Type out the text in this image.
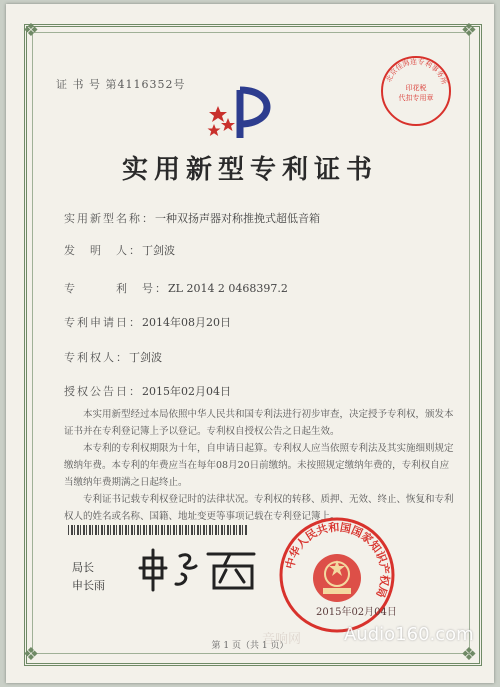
❖	❖
❖	❖
证 书 号 第4116352号
实用新型专利证书
实用新型名称：一种双扬声器对称推挽式超低音箱
发　明　人：丁剑波
专　　　利　号：ZL 2014 2 0468397.2
专利申请日：2014年08月20日
专利权人：丁剑波
授权公告日：2015年02月04日

本实用新型经过本局依照中华人民共和国专利法进行初步审查，决定授予专利权，颁发本证书并在专利登记簿上予以登记。专利权自授权公告之日起生效。

本专利的专利权期限为十年，自申请日起算。专利权人应当依照专利法及其实施细则规定缴纳年费。本专利的年费应当在每年08月20日前缴纳。未按照规定缴纳年费的，专利权自应当缴纳年费期满之日起终止。

专利证书记载专利权登记时的法律状况。专利权的转移、质押、无效、终止、恢复和专利权人的姓名或名称、国籍、地址变更等事项记载在专利登记簿上。

局长
申长雨
中华人民共和国国家知识产权局
2015年02月04日
北京佳海连专利事务所
印花税
代扣专用章
第 1 页（共 1 页）
音响网 Audio160.com
